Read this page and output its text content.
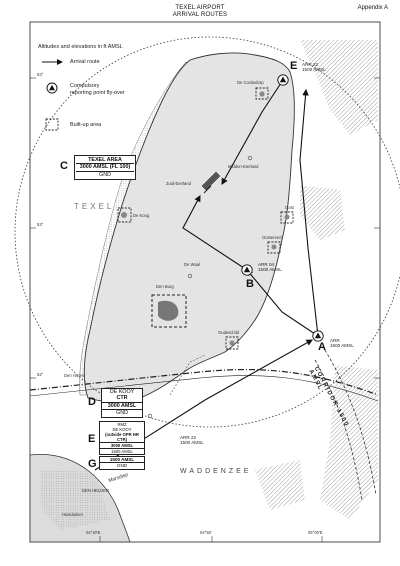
TEXEL AIRPORT
ARRIVAL ROUTES
Appendix A
Altitudes and elevations in ft AMSL
Arrival route
Compulsory
reporting point fly-over
Built-up area
C	TEXEL AREA
3000 AMSL (FL 100)
GND
TEXEL
D
DE KOOY
CTR
3000 AMSL
GND
E
RMZ
DE KOOY
(outside OPR HR CTR)
3000 AMSL
1500 AMSL
G	1500 AMSL
GND
E ARR 22
1500 AMSL
B
ARR 04
1500 AMSL
A
ARR
1500 AMSL
ARR 22
1500 AMSL
De Cocksdorp
Zuid-Eierland
Midden-Eierland
De Koog
De Waal
Oosterend
Oost
Den Burg
Oudeschild
Den Hoorn
DEN HELDER
Huisduinen
WADDENZEE
Marsdiep
CORRIDOR 1500 AMSL
53°
53°
52°
04°40'E	04°50'	05°00'E
